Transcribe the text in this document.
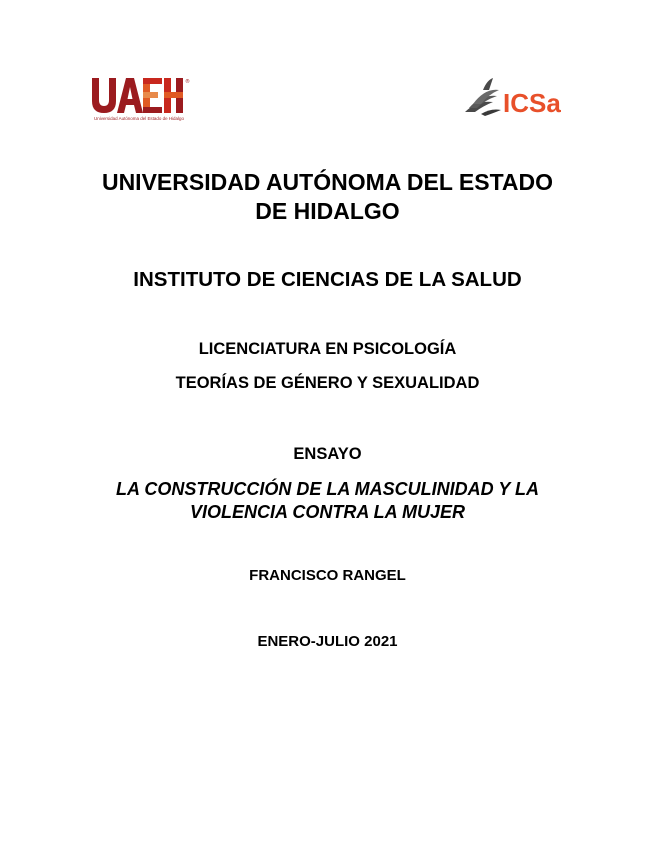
®
Universidad Autónoma del Estado de Hidalgo
ICSa
UNIVERSIDAD AUTÓNOMA DEL ESTADO
DE HIDALGO
INSTITUTO DE CIENCIAS DE LA SALUD
LICENCIATURA EN PSICOLOGÍA
TEORÍAS DE GÉNERO Y SEXUALIDAD
ENSAYO
LA CONSTRUCCIÓN DE LA MASCULINIDAD Y LA
VIOLENCIA CONTRA LA MUJER
FRANCISCO RANGEL
ENERO-JULIO 2021
